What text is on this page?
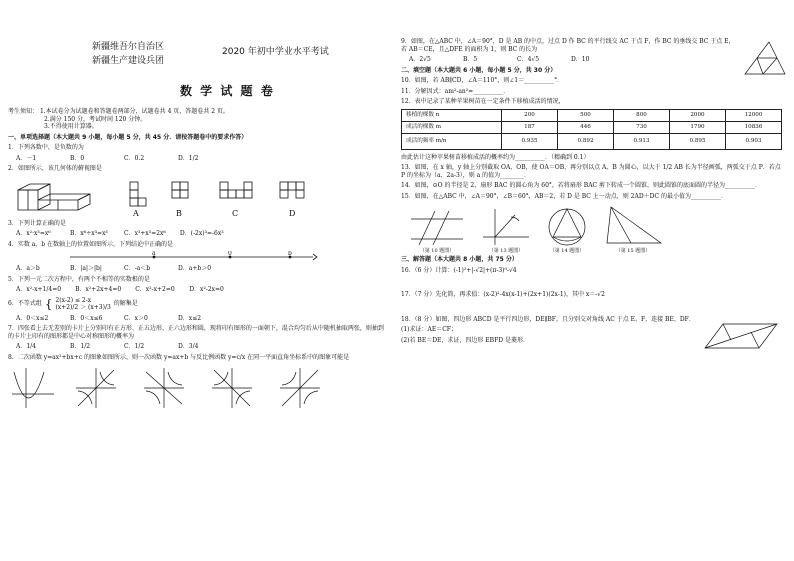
新疆维吾尔自治区
新疆生产建设兵团
2020 年初中学业水平考试
数 学 试 题 卷
考生须知： 1.本试卷分为试题卷和答题卷两部分，试题卷共 4 页，答题卷共 2 页。
2.满分 150 分，考试时间 120 分钟。
3.不得使用计算器。
一、单项选择题（本大题共 9 小题，每小题 5 分，共 45 分．请按答题卷中的要求作答）
1．下列各数中，是负数的为
A．－1	B．0	C．0.2	D．1/2
2．如图所示，该几何体的俯视图是
A	B	C	D
3．下列计算正确的是
A．x²·x³=x⁶	B．x⁶÷x³=x³	C．x³+x³=2x⁶ D．(-2x)³=-6x³
4．实数 a、b 在数轴上的位置如图所示，下列结论中正确的是
a	0	b
A．a＞b	B．|a|＞|b|	C．-a＜b	D．a+b＞0
5．下列一元二次方程中，有两个不相等的实数根的是
A．x²-x+1/4=0 B．x²+2x+4=0 C．x²-x+2=0 D．x²-2x=0
6．不等式组 { 2(x-2) ≤ 2-x
(x+2)/2 ＞ (x+3)/3
的解集是
A．0＜x≤2	B．0＜x≤6	C．x＞0	D．x≤2
7．四张看上去无差别的卡片上分别印有正方形、正五边形、正六边形和圆，现将印有图形的一面朝下，混合均匀后从中随机抽取两张，则抽到的卡片上印有的图形都是中心对称图形的概率为
A．1/4	B．1/2	C．1/2	D．3/4
8．二次函数 y=ax²+bx+c 的图象如图所示，则一次函数 y=ax+b 与反比例函数 y=c/x 在同一平面直角坐标系中的图象可能是
9．如图，在△ABC 中，∠A＝90°，D 是 AB 的中点，过点 D 作 BC 的平行线交 AC 于点 F，作 BC 的垂线交 BC 于点 E，若 AB＝CE，且△DFE 的面积为 1，则 BC 的长为
A．2√5	B．5	C．4√5	D．10
二、填空题（本大题共 6 小题，每小题 5 分，共 30 分）
10．如图，若 AB∥CD，∠A＝110°，则∠1＝__________°．
11．分解因式：am²-an²=__________．
12．表中记录了某种苹果树苗在一定条件下移植成活的情况，
移植的棵数 n	200	500	800	2000	12000
成活的棵数 m	187	446	730	1790	10836
成活的频率 m/n	0.935	0.892	0.913	0.895	0.903
由此估计这种苹果树苗移植成活的概率约为__________．（精确到 0.1）
13．如图，在 x 轴，y 轴上分别截取 OA、OB，使 OA＝OB，再分别以点 A、B 为圆心，以大于 1/2 AB 长为半径画弧，两弧交于点 P．若点 P 的坐标为（a，2a-3），则 a 的值为________．
14．如图，⊙O 的半径是 2，扇形 BAC 的圆心角为 60°，若将扇形 BAC 剪下转成一个圆锥，则此圆锥的底面圆的半径为__________．
15．如图，在△ABC 中，∠A＝90°，∠B＝60°，AB＝2，若 D 是 BC 上一动点，则 2AD＋DC 的最小值为__________．
（第 10 题图）	（第 13 题图）	（第 14 题图）	（第 15 题图）
三、解答题（本大题共 8 小题，共 75 分）
16．（6 分）计算：(-1)²+|-√2|+(π-3)⁰-√4
17．（7 分）先化简，再求值：(x-2)²-4x(x-1)+(2x+1)(2x-1)，其中 x＝-√2
18．（8 分）如图，四边形 ABCD 是平行四边形，DE∥BF，且分别交对角线 AC 于点 E、F，连接 BE、DF．
(1)求证：AE＝CF；
(2)若 BE＝DE，求证，四边形 EBFD 是菱形．
